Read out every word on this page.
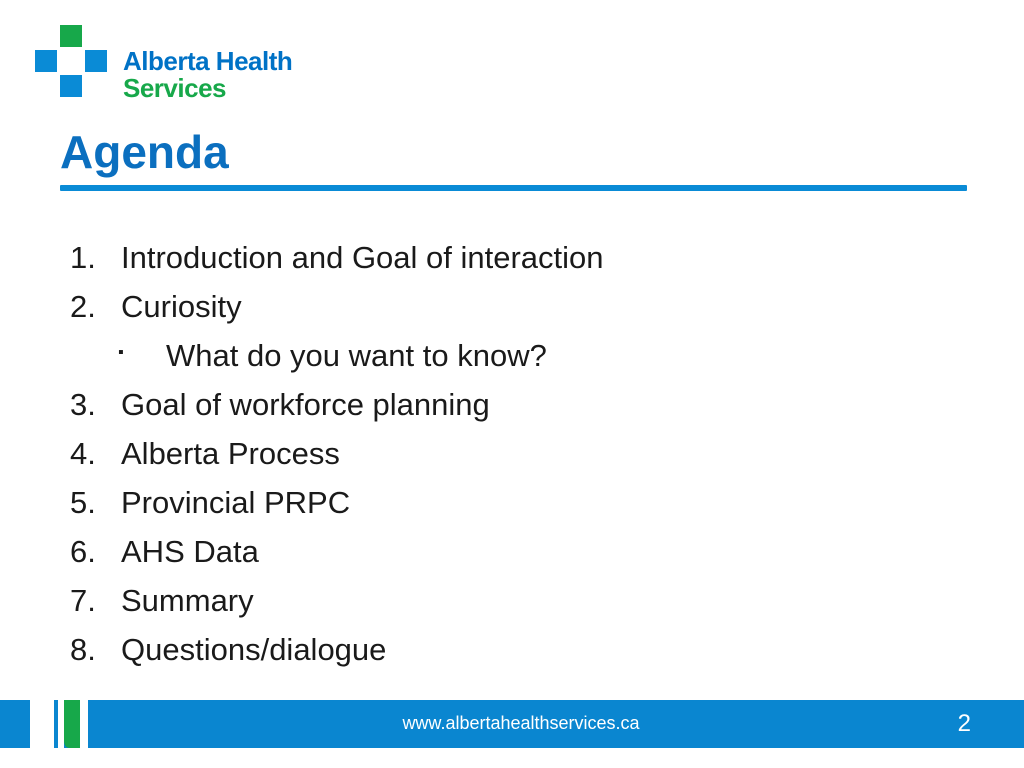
Alberta Health
Services
Agenda
1. Introduction and Goal of interaction
2. Curiosity
▪ What do you want to know?
3. Goal of workforce planning
4. Alberta Process
5. Provincial PRPC
6. AHS Data
7. Summary
8. Questions/dialogue
www.albertahealthservices.ca	2
